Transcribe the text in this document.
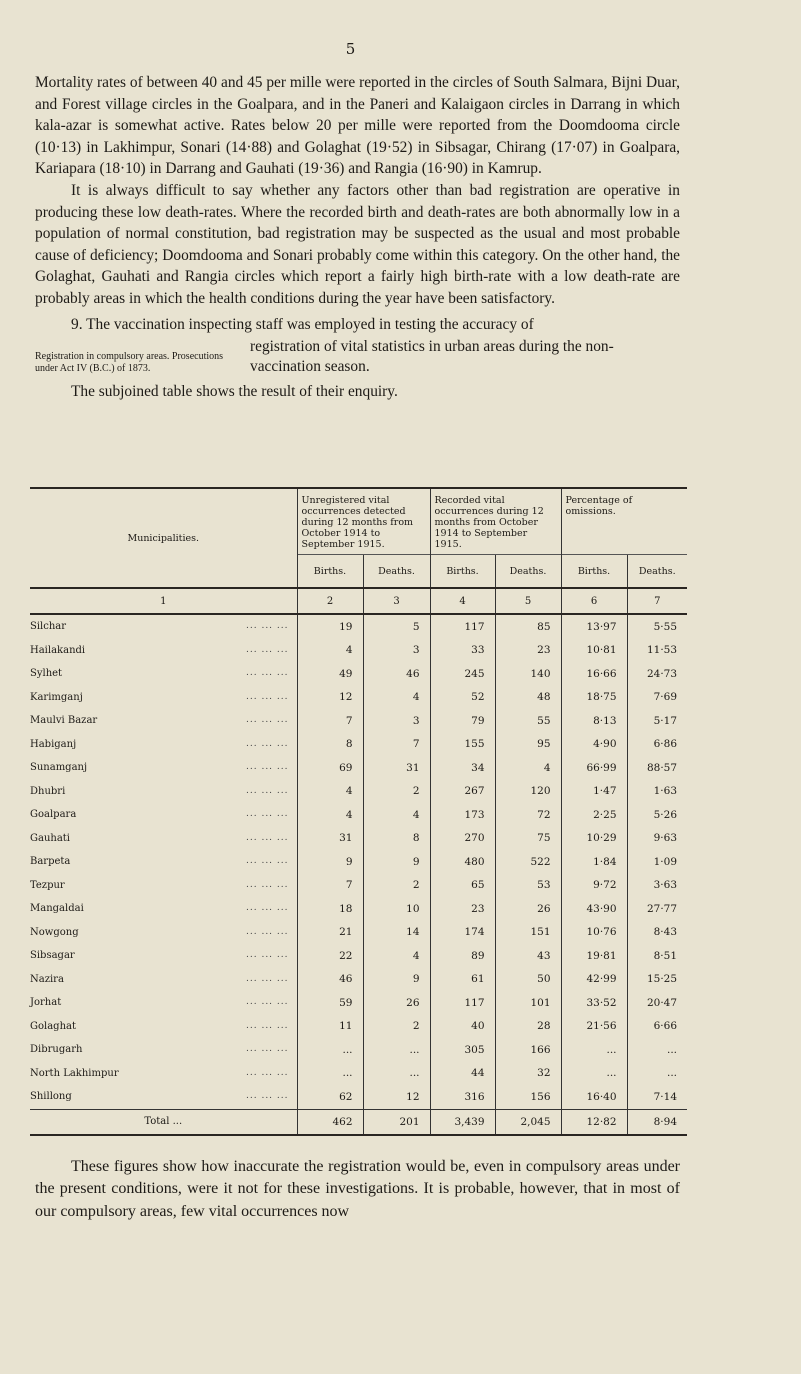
5

Mortality rates of between 40 and 45 per mille were reported in the circles of South Salmara, Bijni Duar, and Forest village circles in the Goalpara, and in the Paneri and Kalaigaon circles in Darrang in which kala-azar is somewhat active. Rates below 20 per mille were reported from the Doomdooma circle (10·13) in Lakhimpur, Sonari (14·88) and Golaghat (19·52) in Sibsagar, Chirang (17·07) in Goalpara, Kariapara (18·10) in Darrang and Gauhati (19·36) and Rangia (16·90) in Kamrup.

It is always difficult to say whether any factors other than bad registration are operative in producing these low death-rates. Where the recorded birth and death-rates are both abnormally low in a population of normal constitution, bad registration may be suspected as the usual and most probable cause of deficiency; Doomdooma and Sonari probably come within this category. On the other hand, the Golaghat, Gauhati and Rangia circles which report a fairly high birth-rate with a low death-rate are probably areas in which the health conditions during the year have been satisfactory.

9. The vaccination inspecting staff was employed in testing the accuracy of

Registration in compulsory areas. Prosecutions under Act IV (B.C.) of 1873.
registration of vital statistics in urban areas during the non-vaccination season.
The subjoined table shows the result of their enquiry.
Municipalities.	Unregistered vital occurrences detected during 12 months from October 1914 to September 1915.		Recorded vital occurrences during 12 months from October 1914 to September 1915.		Percentage of omissions.	
	Births.	Deaths.	Births.	Deaths.	Births.	Deaths.
1	2	3	4	5	6	7

Silchar ... ... ...	19	5	117	85	13·97	5·55

Hailakandi ... ... ...	4	3	33	23	10·81	11·53

Sylhet ... ... ...	49	46	245	140	16·66	24·73

Karimganj ... ... ...	12	4	52	48	18·75	7·69

Maulvi Bazar ... ... ...	7	3	79	55	8·13	5·17

Habiganj ... ... ...	8	7	155	95	4·90	6·86

Sunamganj ... ... ...	69	31	34	4	66·99	88·57

Dhubri ... ... ...	4	2	267	120	1·47	1·63

Goalpara ... ... ...	4	4	173	72	2·25	5·26

Gauhati ... ... ...	31	8	270	75	10·29	9·63

Barpeta ... ... ...	9	9	480	522	1·84	1·09

Tezpur ... ... ...	7	2	65	53	9·72	3·63

Mangaldai ... ... ...	18	10	23	26	43·90	27·77

Nowgong ... ... ...	21	14	174	151	10·76	8·43

Sibsagar ... ... ...	22	4	89	43	19·81	8·51

Nazira ... ... ...	46	9	61	50	42·99	15·25

Jorhat ... ... ...	59	26	117	101	33·52	20·47

Golaghat ... ... ...	11	2	40	28	21·56	6·66

Dibrugarh ... ... ...	...	...	305	166	...	...

North Lakhimpur ... ... ...	...	...	44	32	...	...

Shillong ... ... ...	62	12	316	156	16·40	7·14
Total ...	462	201	3,439	2,045	12·82	8·94
These figures show how inaccurate the registration would be, even in compulsory areas under the present conditions, were it not for these investigations. It is probable, however, that in most of our compulsory areas, few vital occurrences now
